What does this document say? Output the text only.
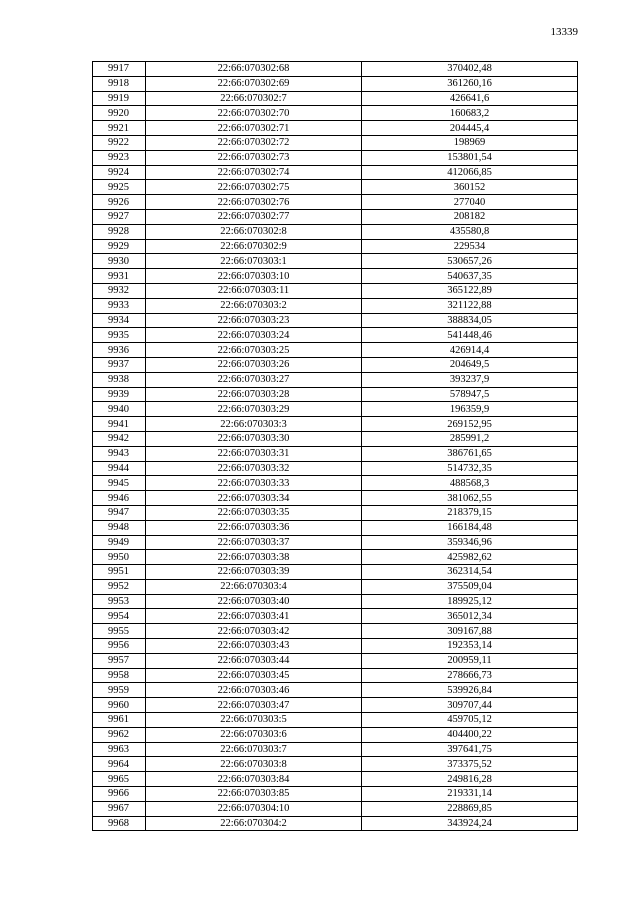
13339
9917	22:66:070302:68	370402,48
9918	22:66:070302:69	361260,16
9919	22:66:070302:7	426641,6
9920	22:66:070302:70	160683,2
9921	22:66:070302:71	204445,4
9922	22:66:070302:72	198969
9923	22:66:070302:73	153801,54
9924	22:66:070302:74	412066,85
9925	22:66:070302:75	360152
9926	22:66:070302:76	277040
9927	22:66:070302:77	208182
9928	22:66:070302:8	435580,8
9929	22:66:070302:9	229534
9930	22:66:070303:1	530657,26
9931	22:66:070303:10	540637,35
9932	22:66:070303:11	365122,89
9933	22:66:070303:2	321122,88
9934	22:66:070303:23	388834,05
9935	22:66:070303:24	541448,46
9936	22:66:070303:25	426914,4
9937	22:66:070303:26	204649,5
9938	22:66:070303:27	393237,9
9939	22:66:070303:28	578947,5
9940	22:66:070303:29	196359,9
9941	22:66:070303:3	269152,95
9942	22:66:070303:30	285991,2
9943	22:66:070303:31	386761,65
9944	22:66:070303:32	514732,35
9945	22:66:070303:33	488568,3
9946	22:66:070303:34	381062,55
9947	22:66:070303:35	218379,15
9948	22:66:070303:36	166184,48
9949	22:66:070303:37	359346,96
9950	22:66:070303:38	425982,62
9951	22:66:070303:39	362314,54
9952	22:66:070303:4	375509,04
9953	22:66:070303:40	189925,12
9954	22:66:070303:41	365012,34
9955	22:66:070303:42	309167,88
9956	22:66:070303:43	192353,14
9957	22:66:070303:44	200959,11
9958	22:66:070303:45	278666,73
9959	22:66:070303:46	539926,84
9960	22:66:070303:47	309707,44
9961	22:66:070303:5	459705,12
9962	22:66:070303:6	404400,22
9963	22:66:070303:7	397641,75
9964	22:66:070303:8	373375,52
9965	22:66:070303:84	249816,28
9966	22:66:070303:85	219331,14
9967	22:66:070304:10	228869,85
9968	22:66:070304:2	343924,24
